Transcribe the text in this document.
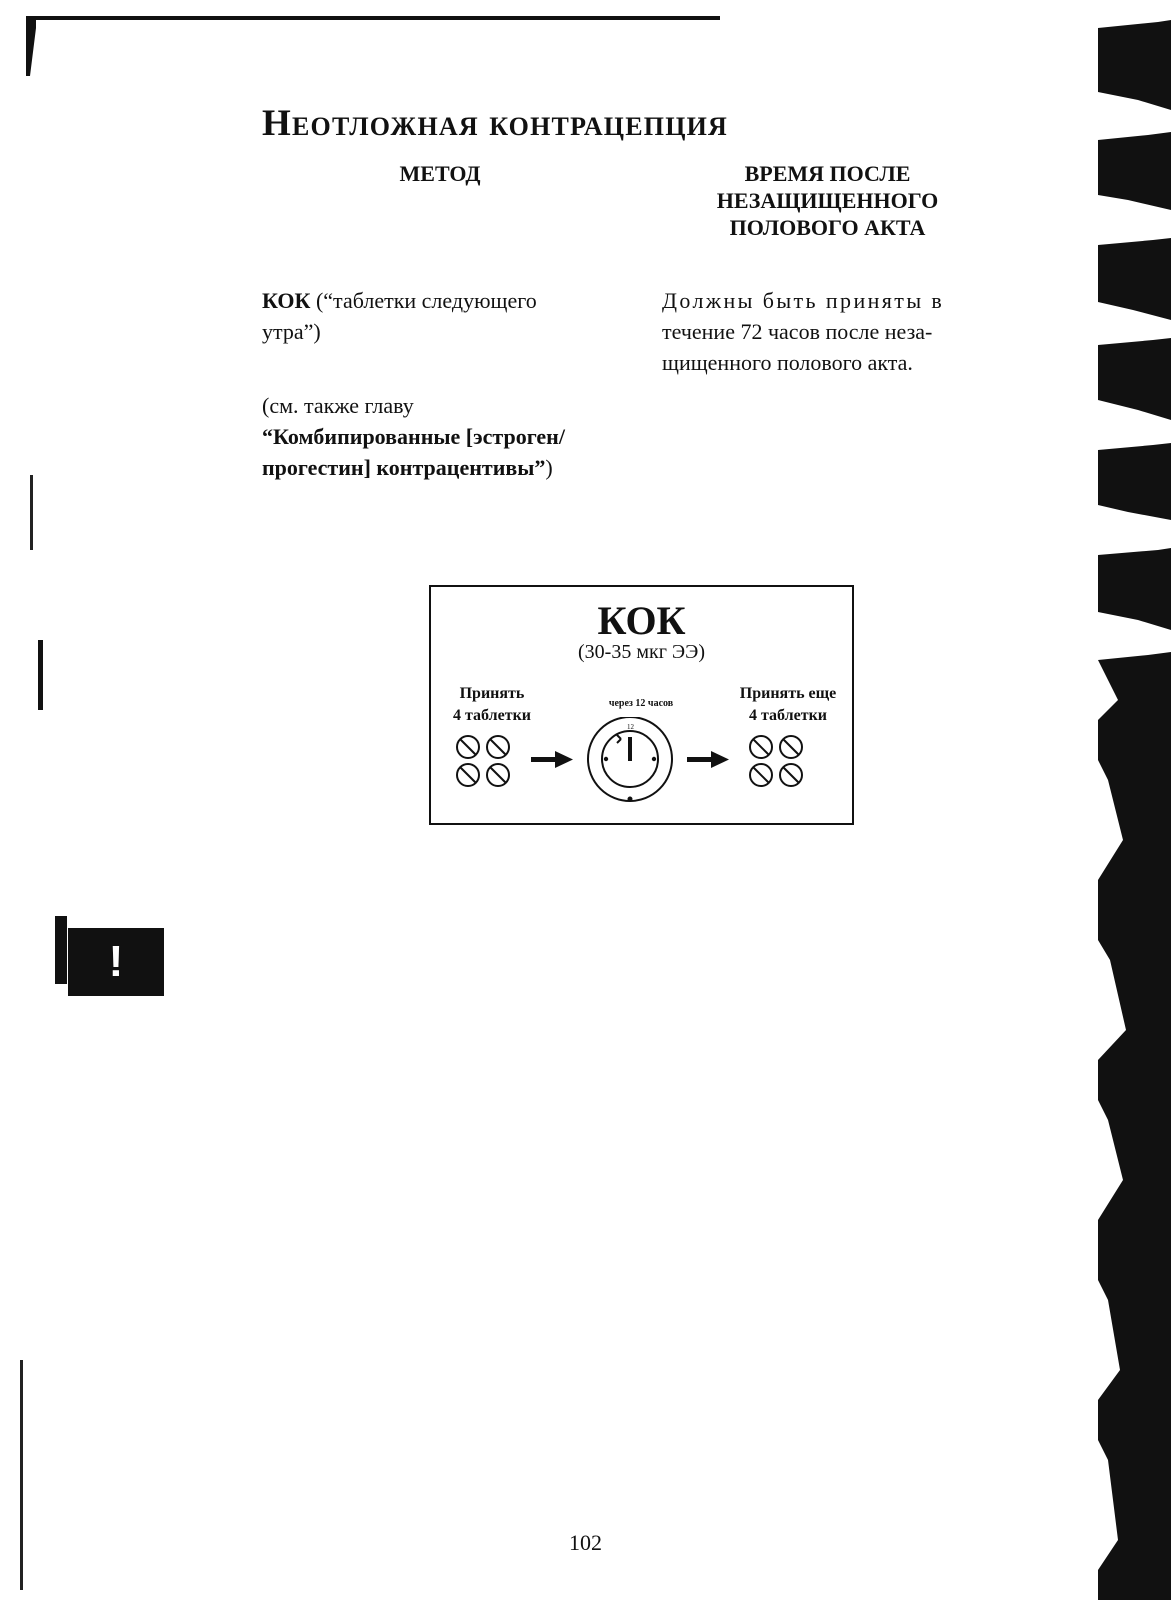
Неотложная контрацепция
МЕТОД	ВРЕМЯ ПОСЛЕ
НЕЗАЩИЩЕННОГО
ПОЛОВОГО АКТА
КОК (“таблетки следующего
утра”)
Должны быть приняты в
течение 72 часов после неза-
щищенного полового акта.
(см. также главу
“Комбипированные [эстроген/
прогестин] контрацентивы”)
КОК
(30-35 мкг ЭЭ)
Принять
4 таблетки
через 12 часов
Принять еще
4 таблетки
12
!
102
